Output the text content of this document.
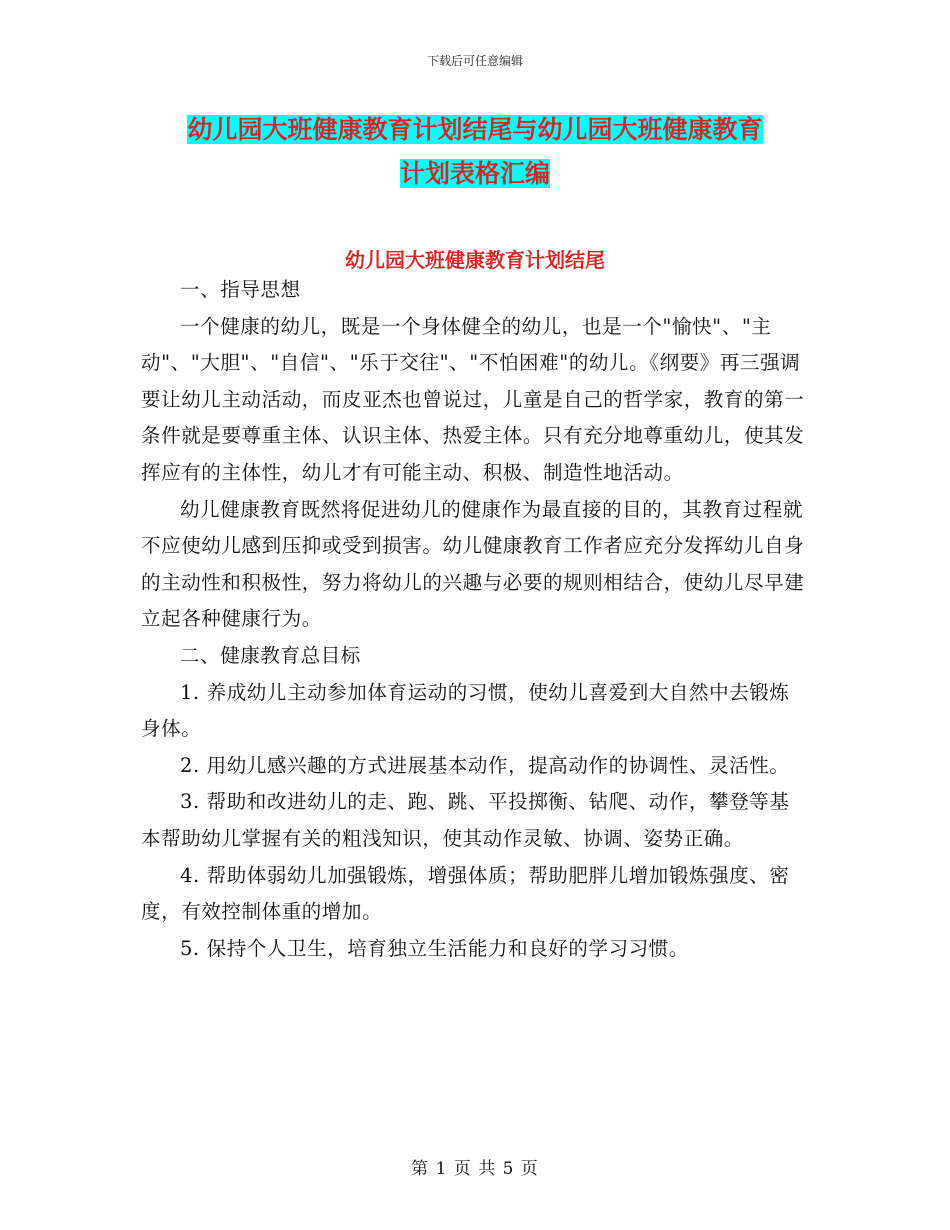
下载后可任意编辑
幼儿园大班健康教育计划结尾与幼儿园大班健康教育
计划表格汇编
幼儿园大班健康教育计划结尾

一、指导思想

一个健康的幼儿，既是一个身体健全的幼儿，也是一个"愉快"、"主动"、"大胆"、"自信"、"乐于交往"、"不怕困难"的幼儿。《纲要》再三强调要让幼儿主动活动，而皮亚杰也曾说过，儿童是自己的哲学家，教育的第一条件就是要尊重主体、认识主体、热爱主体。只有充分地尊重幼儿，使其发挥应有的主体性，幼儿才有可能主动、积极、制造性地活动。

幼儿健康教育既然将促进幼儿的健康作为最直接的目的，其教育过程就不应使幼儿感到压抑或受到损害。幼儿健康教育工作者应充分发挥幼儿自身的主动性和积极性，努力将幼儿的兴趣与必要的规则相结合，使幼儿尽早建立起各种健康行为。

二、健康教育总目标

1. 养成幼儿主动参加体育运动的习惯，使幼儿喜爱到大自然中去锻炼身体。

2. 用幼儿感兴趣的方式进展基本动作，提高动作的协调性、灵活性。

3. 帮助和改进幼儿的走、跑、跳、平投掷衡、钻爬、动作，攀登等基本帮助幼儿掌握有关的粗浅知识，使其动作灵敏、协调、姿势正确。

4. 帮助体弱幼儿加强锻炼，增强体质；帮助肥胖儿增加锻炼强度、密度，有效控制体重的增加。

5. 保持个人卫生，培育独立生活能力和良好的学习习惯。

第 1 页 共 5 页
